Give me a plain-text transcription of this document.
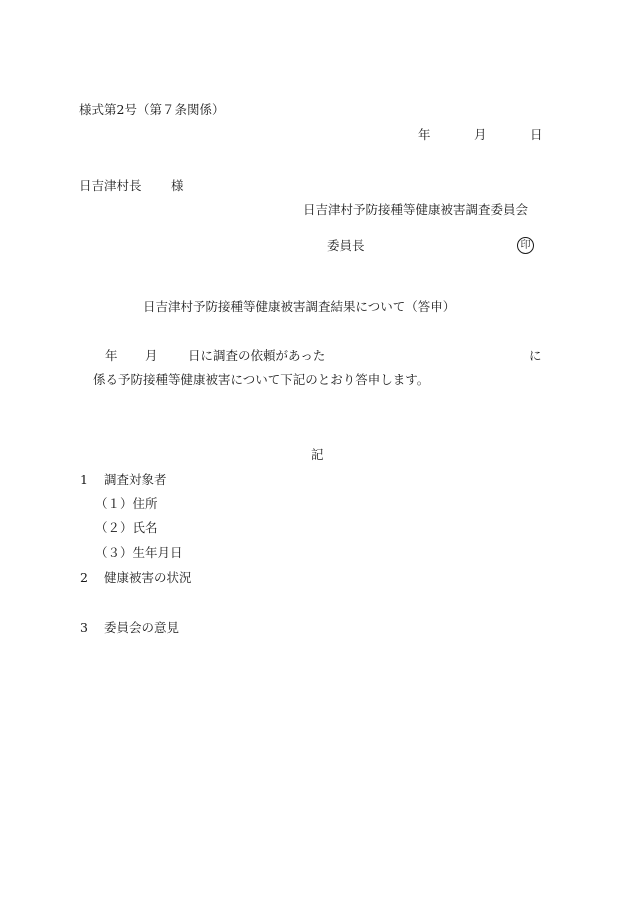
様式第2号（第７条関係）
年	月	日
日吉津村長 様
日吉津村予防接種等健康被害調査委員会
委員長	印
日吉津村予防接種等健康被害調査結果について（答申）
年 月 日に調査の依頼があった	に
係る予防接種等健康被害について下記のとおり答申します。
記
1 調査対象者
（１）住所
（２）氏名
（３）生年月日
2 健康被害の状況
3 委員会の意見
